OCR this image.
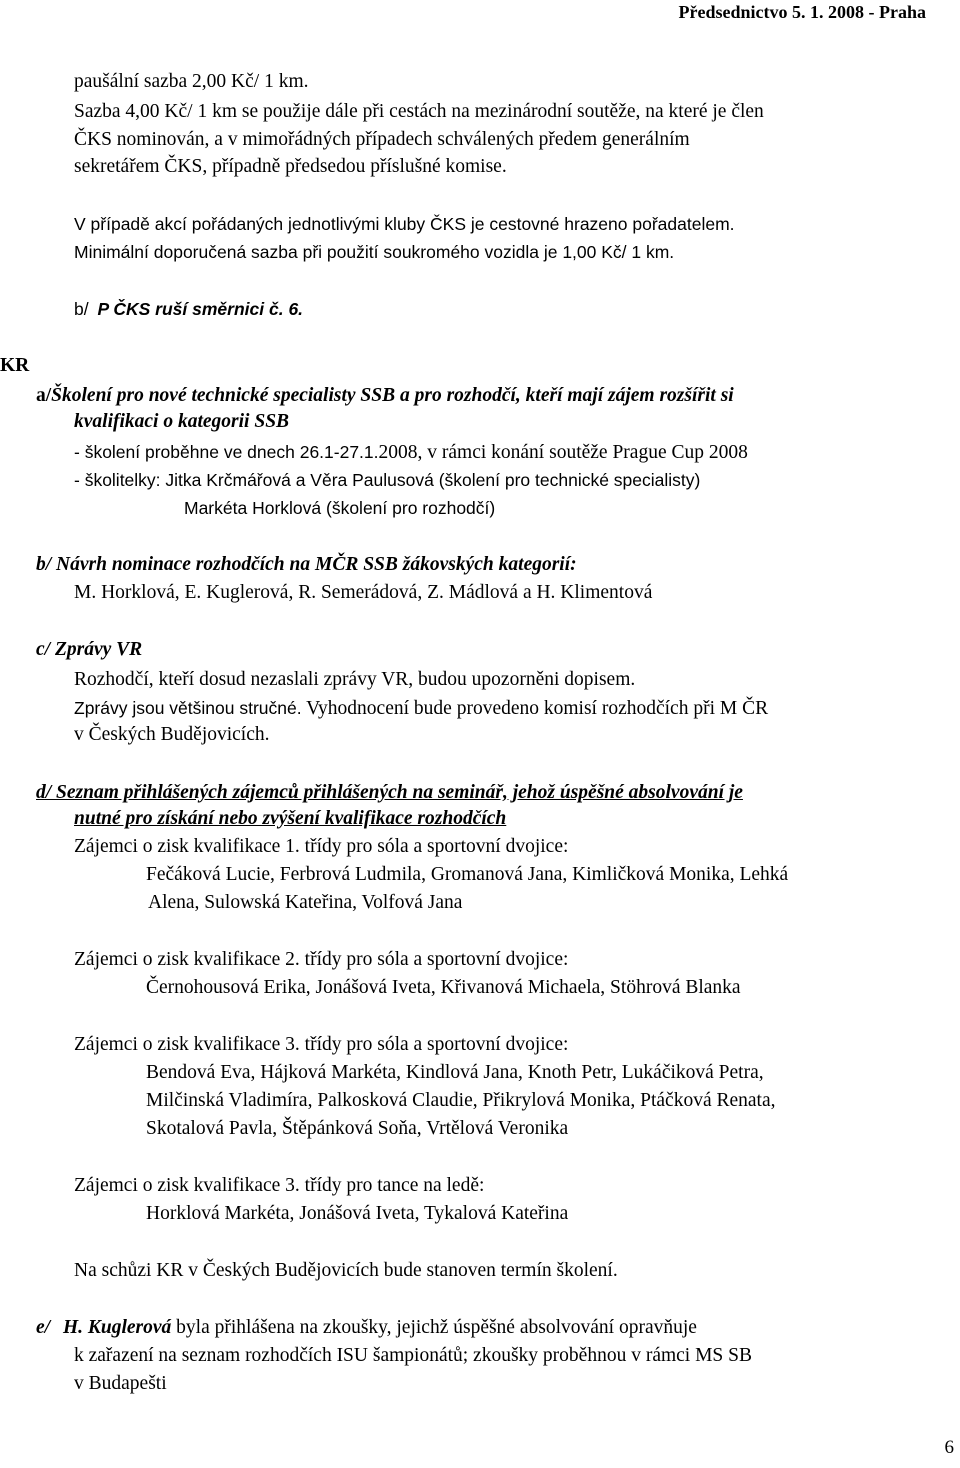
Předsednictvo 5. 1. 2008 - Praha
paušální sazba 2,00 Kč/ 1 km.
Sazba 4,00 Kč/ 1 km se použije dále při cestách na mezinárodní soutěže, na které je člen
ČKS nominován, a v mimořádných případech schválených předem generálním
sekretářem ČKS, případně předsedou příslušné komise.
V případě akcí pořádaných jednotlivými kluby ČKS je cestovné hrazeno pořadatelem.
Minimální doporučená sazba při použití soukromého vozidla je 1,00 Kč/ 1 km.
b/ P ČKS ruší směrnici č. 6.
KR
a/Školení pro nové technické specialisty SSB a pro rozhodčí, kteří mají zájem rozšířit si
kvalifikaci o kategorii SSB
- školení proběhne ve dnech 26.1-27.1.2008, v rámci konání soutěže Prague Cup 2008
- školitelky: Jitka Krčmářová a Věra Paulusová (školení pro technické specialisty)
Markéta Horklová (školení pro rozhodčí)
b/ Návrh nominace rozhodčích na MČR SSB žákovských kategorií:
M. Horklová, E. Kuglerová, R. Semerádová, Z. Mádlová a H. Klimentová
c/ Zprávy VR
Rozhodčí, kteří dosud nezaslali zprávy VR, budou upozorněni dopisem.
Zprávy jsou většinou stručné. Vyhodnocení bude provedeno komisí rozhodčích při M ČR
v Českých Budějovicích.
d/ Seznam přihlášených zájemců přihlášených na seminář, jehož úspěšné absolvování je
nutné pro získání nebo zvýšení kvalifikace rozhodčích
Zájemci o zisk kvalifikace 1. třídy pro sóla a sportovní dvojice:
Fečáková Lucie, Ferbrová Ludmila, Gromanová Jana, Kimličková Monika, Lehká
Alena, Sulowská Kateřina, Volfová Jana
Zájemci o zisk kvalifikace 2. třídy pro sóla a sportovní dvojice:
Černohousová Erika, Jonášová Iveta, Křivanová Michaela, Stöhrová Blanka
Zájemci o zisk kvalifikace 3. třídy pro sóla a sportovní dvojice:
Bendová Eva, Hájková Markéta, Kindlová Jana, Knoth Petr, Lukáčiková Petra,
Milčinská Vladimíra, Palkosková Claudie, Přikrylová Monika, Ptáčková Renata,
Skotalová Pavla, Štěpánková Soňa, Vrtělová Veronika
Zájemci o zisk kvalifikace 3. třídy pro tance na ledě:
Horklová Markéta, Jonášová Iveta, Tykalová Kateřina
Na schůzi KR v Českých Budějovicích bude stanoven termín školení.
e/ H. Kuglerová byla přihlášena na zkoušky, jejichž úspěšné absolvování opravňuje
k zařazení na seznam rozhodčích ISU šampionátů; zkoušky proběhnou v rámci MS SB
v Budapešti
6
